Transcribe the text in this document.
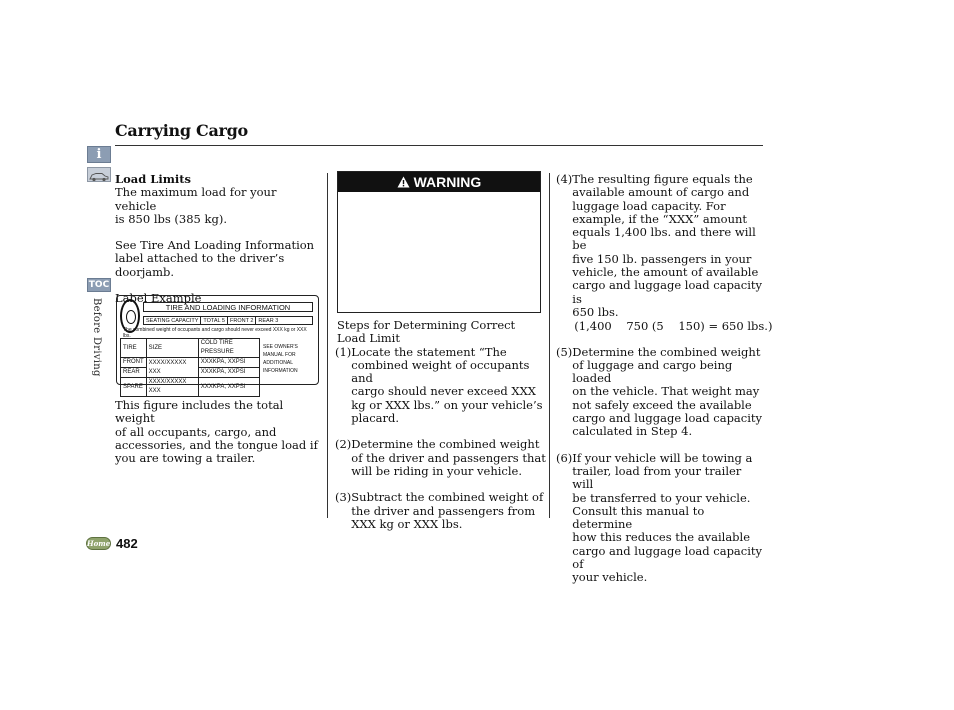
Carrying Cargo
i
TOC
Before Driving
Home 482
Load Limits
The maximum load for your vehicle
is 850 lbs (385 kg).
See Tire And Loading Information
label attached to the driver’s
doorjamb.
Label Example
TIRE AND LOADING INFORMATION
SEATING CAPACITY TOTAL 5 FRONT 2 REAR 3
The combined weight of occupants and cargo should never exceed XXX kg or XXX lbs.
TIRE	SIZE	COLD TIRE PRESSURE
FRONT	XXXX/XXXXX XXX	XXXKPA, XXPSI
REAR		XXXKPA, XXPSI
SPARE	XXXX/XXXXX XXX	XXXKPA, XXPSI
SEE OWNER'S
MANUAL FOR
ADDITIONAL
INFORMATION
This figure includes the total weight
of all occupants, cargo, and
accessories, and the tongue load if
you are towing a trailer.
WARNING
Steps for Determining Correct
Load Limit
(1) Locate the statement “The
combined weight of occupants and
cargo should never exceed XXX
kg or XXX lbs.” on your vehicle’s
placard.
(2) Determine the combined weight
of the driver and passengers that
will be riding in your vehicle.
(3) Subtract the combined weight of
the driver and passengers from
XXX kg or XXX lbs.
(4) The resulting figure equals the
available amount of cargo and
luggage load capacity. For
example, if the “XXX” amount
equals 1,400 lbs. and there will be
five 150 lb. passengers in your
vehicle, the amount of available
cargo and luggage load capacity is
650 lbs.
(1,400    750 (5    150) = 650 lbs.)
(5) Determine the combined weight
of luggage and cargo being loaded
on the vehicle. That weight may
not safely exceed the available
cargo and luggage load capacity
calculated in Step 4.
(6) If your vehicle will be towing a
trailer, load from your trailer will
be transferred to your vehicle.
Consult this manual to determine
how this reduces the available
cargo and luggage load capacity of
your vehicle.
